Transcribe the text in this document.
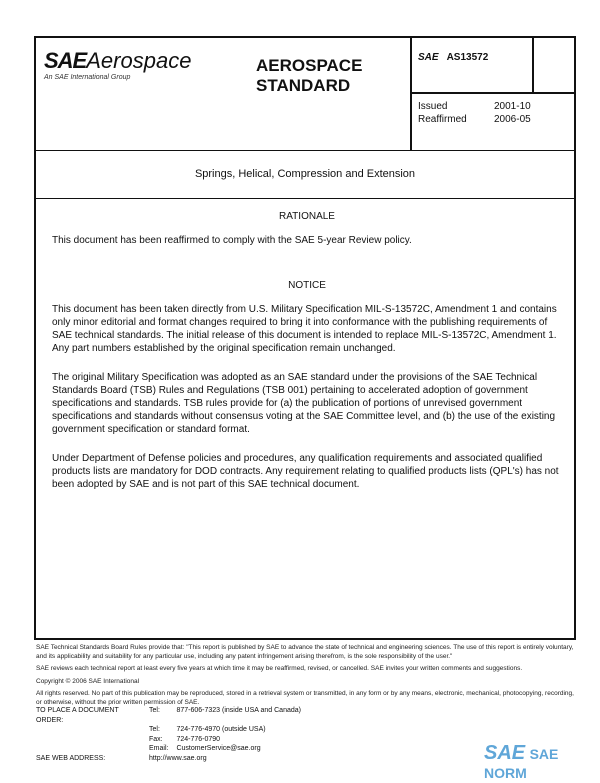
SAEAerospace
An SAE International Group
AEROSPACE
STANDARD
SAE AS13572
Issued	2001-10
Reaffirmed	2006-05
Springs, Helical, Compression and Extension
RATIONALE
This document has been reaffirmed to comply with the SAE 5-year Review policy.
NOTICE
This document has been taken directly from U.S. Military Specification MIL-S-13572C, Amendment 1 and contains only minor editorial and format changes required to bring it into conformance with the publishing requirements of SAE technical standards. The initial release of this document is intended to replace MIL-S-13572C, Amendment 1. Any part numbers established by the original specification remain unchanged.
The original Military Specification was adopted as an SAE standard under the provisions of the SAE Technical Standards Board (TSB) Rules and Regulations (TSB 001) pertaining to accelerated adoption of government specifications and standards. TSB rules provide for (a) the publication of portions of unrevised government specifications and standards without consensus voting at the SAE Committee level, and (b) the use of the existing government specification or standard format.
Under Department of Defense policies and procedures, any qualification requirements and associated qualified products lists are mandatory for DOD contracts. Any requirement relating to qualified products lists (QPL's) has not been adopted by SAE and is not part of this SAE technical document.
SAE Technical Standards Board Rules provide that: "This report is published by SAE to advance the state of technical and engineering sciences. The use of this report is entirely voluntary, and its applicability and suitability for any particular use, including any patent infringement arising therefrom, is the sole responsibility of the user."
SAE reviews each technical report at least every five years at which time it may be reaffirmed, revised, or cancelled. SAE invites your written comments and suggestions.
Copyright © 2006 SAE International
All rights reserved. No part of this publication may be reproduced, stored in a retrieval system or transmitted, in any form or by any means, electronic, mechanical, photocopying, recording, or otherwise, without the prior written permission of SAE.
TO PLACE A DOCUMENT ORDER:	Tel:	877-606-7323 (inside USA and Canada)
	Tel:	724-776-4970 (outside USA)
	Fax:	724-776-0790
	Email:	CustomerService@sae.org
SAE WEB ADDRESS:	http://www.sae.org		SAE SAE NORM
